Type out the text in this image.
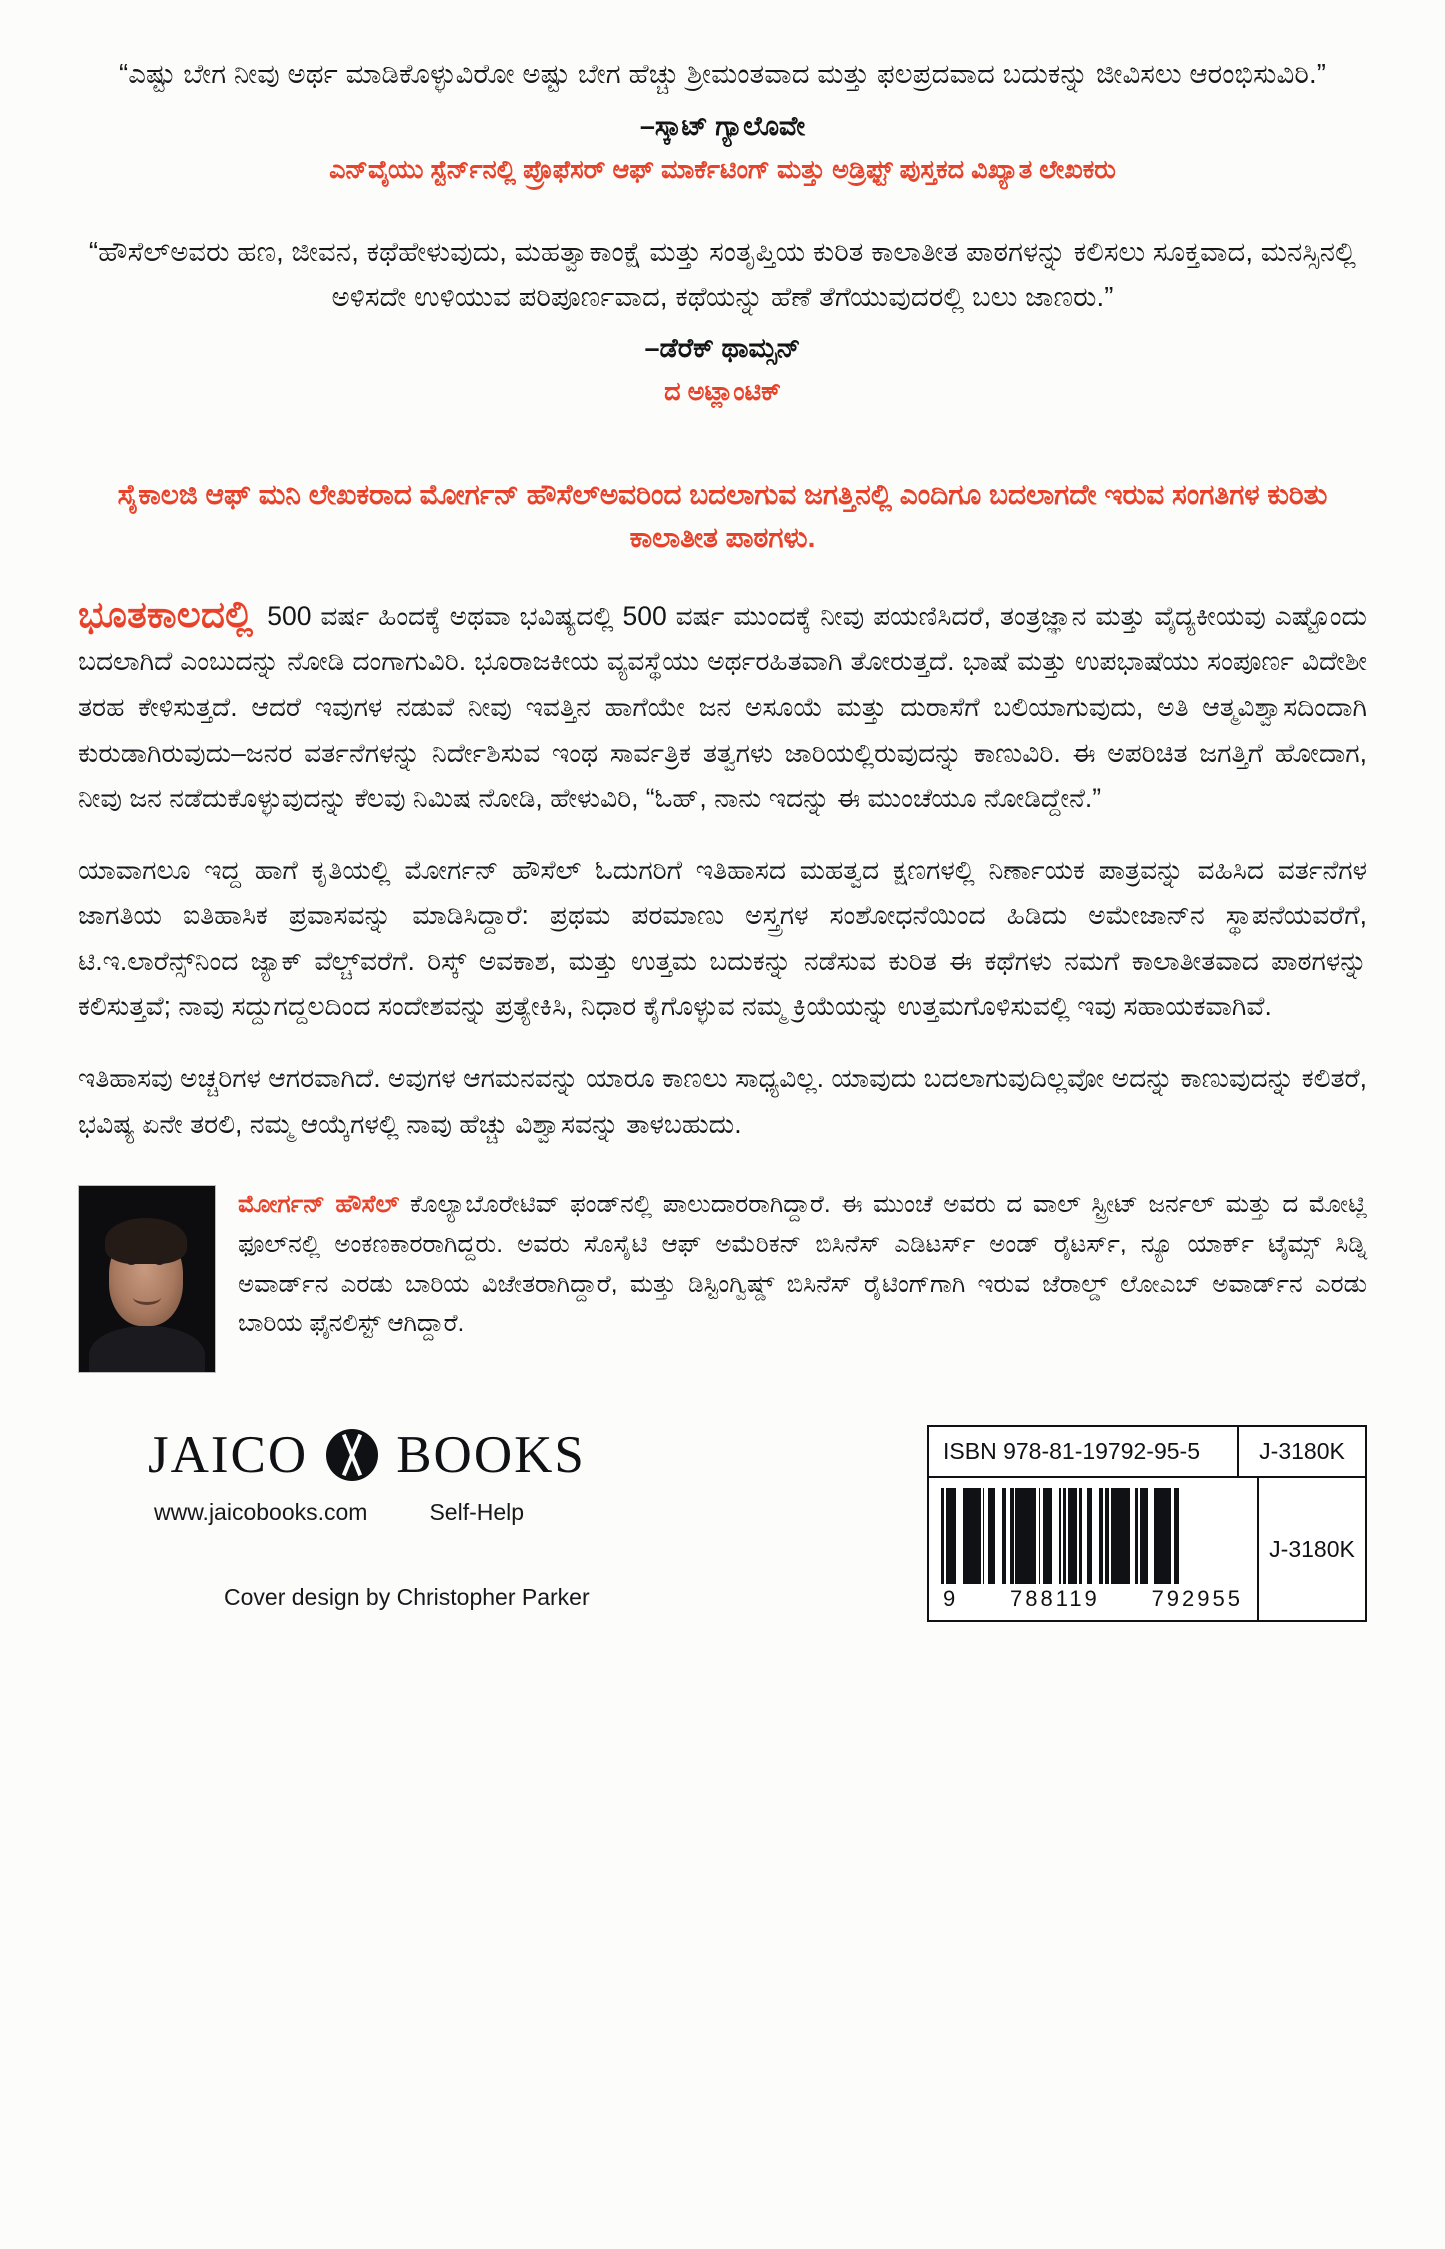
“ಎಷ್ಟು ಬೇಗ ನೀವು ಅರ್ಥ ಮಾಡಿಕೊಳ್ಳುವಿರೋ ಅಷ್ಟು ಬೇಗ ಹೆಚ್ಚು ಶ್ರೀಮಂತವಾದ ಮತ್ತು ಫಲಪ್ರದವಾದ ಬದುಕನ್ನು ಜೀವಿಸಲು ಆರಂಭಿಸುವಿರಿ.”
–ಸ್ಕಾಟ್ ಗ್ಯಾಲೊವೇ
ಎನ್‌ವೈಯು ಸ್ಟೆರ್ನ್‌ನಲ್ಲಿ ಪ್ರೊಫೆಸರ್ ಆಫ್ ಮಾರ್ಕೆಟಿಂಗ್ ಮತ್ತು ಅಡ್ರಿಫ್ಟ್ ಪುಸ್ತಕದ ವಿಖ್ಯಾತ ಲೇಖಕರು
“ಹೌಸೆಲ್‌ಅವರು ಹಣ, ಜೀವನ, ಕಥೆಹೇಳುವುದು, ಮಹತ್ವಾಕಾಂಕ್ಷೆ ಮತ್ತು ಸಂತೃಪ್ತಿಯ ಕುರಿತ ಕಾಲಾತೀತ ಪಾಠಗಳನ್ನು ಕಲಿಸಲು ಸೂಕ್ತವಾದ, ಮನಸ್ಸಿನಲ್ಲಿ ಅಳಿಸದೇ ಉಳಿಯುವ ಪರಿಪೂರ್ಣವಾದ, ಕಥೆಯನ್ನು ಹೆಣೆ ತೆಗೆಯುವುದರಲ್ಲಿ ಬಲು ಜಾಣರು.”
–ಡೆರೆಕ್ ಥಾಮ್ಸನ್
ದ ಅಟ್ಲಾಂಟಿಕ್
ಸೈಕಾಲಜಿ ಆಫ್ ಮನಿ ಲೇಖಕರಾದ ಮೋರ್ಗನ್ ಹೌಸೆಲ್‌ಅವರಿಂದ ಬದಲಾಗುವ ಜಗತ್ತಿನಲ್ಲಿ ಎಂದಿಗೂ ಬದಲಾಗದೇ ಇರುವ ಸಂಗತಿಗಳ ಕುರಿತು ಕಾಲಾತೀತ ಪಾಠಗಳು.

ಭೂತಕಾಲದಲ್ಲಿ 500 ವರ್ಷ ಹಿಂದಕ್ಕೆ ಅಥವಾ ಭವಿಷ್ಯದಲ್ಲಿ 500 ವರ್ಷ ಮುಂದಕ್ಕೆ ನೀವು ಪಯಣಿಸಿದರೆ, ತಂತ್ರಜ್ಞಾನ ಮತ್ತು ವೈದ್ಯಕೀಯವು ಎಷ್ಟೊಂದು ಬದಲಾಗಿದೆ ಎಂಬುದನ್ನು ನೋಡಿ ದಂಗಾಗುವಿರಿ. ಭೂರಾಜಕೀಯ ವ್ಯವಸ್ಥೆಯು ಅರ್ಥರಹಿತವಾಗಿ ತೋರುತ್ತದೆ. ಭಾಷೆ ಮತ್ತು ಉಪಭಾಷೆಯು ಸಂಪೂರ್ಣ ವಿದೇಶೀ ತರಹ ಕೇಳಿಸುತ್ತದೆ. ಆದರೆ ಇವುಗಳ ನಡುವೆ ನೀವು ಇವತ್ತಿನ ಹಾಗೆಯೇ ಜನ ಅಸೂಯೆ ಮತ್ತು ದುರಾಸೆಗೆ ಬಲಿಯಾಗುವುದು, ಅತಿ ಆತ್ಮವಿಶ್ವಾಸದಿಂದಾಗಿ ಕುರುಡಾಗಿರುವುದು–ಜನರ ವರ್ತನೆಗಳನ್ನು ನಿರ್ದೇಶಿಸುವ ಇಂಥ ಸಾರ್ವತ್ರಿಕ ತತ್ವಗಳು ಜಾರಿಯಲ್ಲಿರುವುದನ್ನು ಕಾಣುವಿರಿ. ಈ ಅಪರಿಚಿತ ಜಗತ್ತಿಗೆ ಹೋದಾಗ, ನೀವು ಜನ ನಡೆದುಕೊಳ್ಳುವುದನ್ನು ಕೆಲವು ನಿಮಿಷ ನೋಡಿ, ಹೇಳುವಿರಿ, “ಓಹ್, ನಾನು ಇದನ್ನು ಈ ಮುಂಚೆಯೂ ನೋಡಿದ್ದೇನೆ.”

ಯಾವಾಗಲೂ ಇದ್ದ ಹಾಗೆ ಕೃತಿಯಲ್ಲಿ ಮೋರ್ಗನ್ ಹೌಸೆಲ್ ಓದುಗರಿಗೆ ಇತಿಹಾಸದ ಮಹತ್ವದ ಕ್ಷಣಗಳಲ್ಲಿ ನಿರ್ಣಾಯಕ ಪಾತ್ರವನ್ನು ವಹಿಸಿದ ವರ್ತನೆಗಳ ಜಾಗತಿಯ ಐತಿಹಾಸಿಕ ಪ್ರವಾಸವನ್ನು ಮಾಡಿಸಿದ್ದಾರೆ: ಪ್ರಥಮ ಪರಮಾಣು ಅಸ್ತ್ರಗಳ ಸಂಶೋಧನೆಯಿಂದ ಹಿಡಿದು ಅಮೇಜಾನ್‌ನ ಸ್ಥಾಪನೆಯವರೆಗೆ, ಟಿ.ಇ.ಲಾರೆನ್ಸ್‌ನಿಂದ ಜ್ಯಾಕ್ ವೆಲ್ಚ್‌ವರೆಗೆ. ರಿಸ್ಕ್ ಅವಕಾಶ, ಮತ್ತು ಉತ್ತಮ ಬದುಕನ್ನು ನಡೆಸುವ ಕುರಿತ ಈ ಕಥೆಗಳು ನಮಗೆ ಕಾಲಾತೀತವಾದ ಪಾಠಗಳನ್ನು ಕಲಿಸುತ್ತವೆ; ನಾವು ಸದ್ದುಗದ್ದಲದಿಂದ ಸಂದೇಶವನ್ನು ಪ್ರತ್ಯೇಕಿಸಿ, ನಿಧಾರ ಕೈಗೊಳ್ಳುವ ನಮ್ಮ ಕ್ರಿಯೆಯನ್ನು ಉತ್ತಮಗೊಳಿಸುವಲ್ಲಿ ಇವು ಸಹಾಯಕವಾಗಿವೆ.

ಇತಿಹಾಸವು ಅಚ್ಚರಿಗಳ ಆಗರವಾಗಿದೆ. ಅವುಗಳ ಆಗಮನವನ್ನು ಯಾರೂ ಕಾಣಲು ಸಾಧ್ಯವಿಲ್ಲ. ಯಾವುದು ಬದಲಾಗುವುದಿಲ್ಲವೋ ಅದನ್ನು ಕಾಣುವುದನ್ನು ಕಲಿತರೆ, ಭವಿಷ್ಯ ಏನೇ ತರಲಿ, ನಮ್ಮ ಆಯ್ಕೆಗಳಲ್ಲಿ ನಾವು ಹೆಚ್ಚು ವಿಶ್ವಾಸವನ್ನು ತಾಳಬಹುದು.

ಮೋರ್ಗನ್ ಹೌಸೆಲ್ ಕೊಲ್ಯಾಬೊರೇಟಿವ್ ಫಂಡ್‌ನಲ್ಲಿ ಪಾಲುದಾರರಾಗಿದ್ದಾರೆ. ಈ ಮುಂಚೆ ಅವರು ದ ವಾಲ್ ಸ್ಟ್ರೀಟ್ ಜರ್ನಲ್ ಮತ್ತು ದ ಮೋಟ್ಲಿ ಫೂಲ್‌ನಲ್ಲಿ ಅಂಕಣಕಾರರಾಗಿದ್ದರು. ಅವರು ಸೊಸೈಟಿ ಆಫ್ ಅಮೆರಿಕನ್ ಬಿಸಿನೆಸ್ ಎಡಿಟರ್ಸ್ ಅಂಡ್ ರೈಟರ್ಸ್, ನ್ಯೂ ಯಾರ್ಕ್ ಟೈಮ್ಸ್ ಸಿಡ್ನಿ ಅವಾರ್ಡ್‌ನ ಎರಡು ಬಾರಿಯ ವಿಜೇತರಾಗಿದ್ದಾರೆ, ಮತ್ತು ಡಿಸ್ಟಿಂಗ್ವಿಷ್ಡ್ ಬಿಸಿನೆಸ್ ರೈಟಿಂಗ್‌ಗಾಗಿ ಇರುವ ಜೆರಾಲ್ಡ್ ಲೋಎಬ್ ಅವಾರ್ಡ್‌ನ ಎರಡು ಬಾರಿಯ ಫೈನಲಿಸ್ಟ್ ಆಗಿದ್ದಾರೆ.
JAICO BOOKS
www.jaicobooks.com	Self-Help
Cover design by Christopher Parker
ISBN 978-81-19792-95-5	J-3180K
9 788119 792955
J-3180K
